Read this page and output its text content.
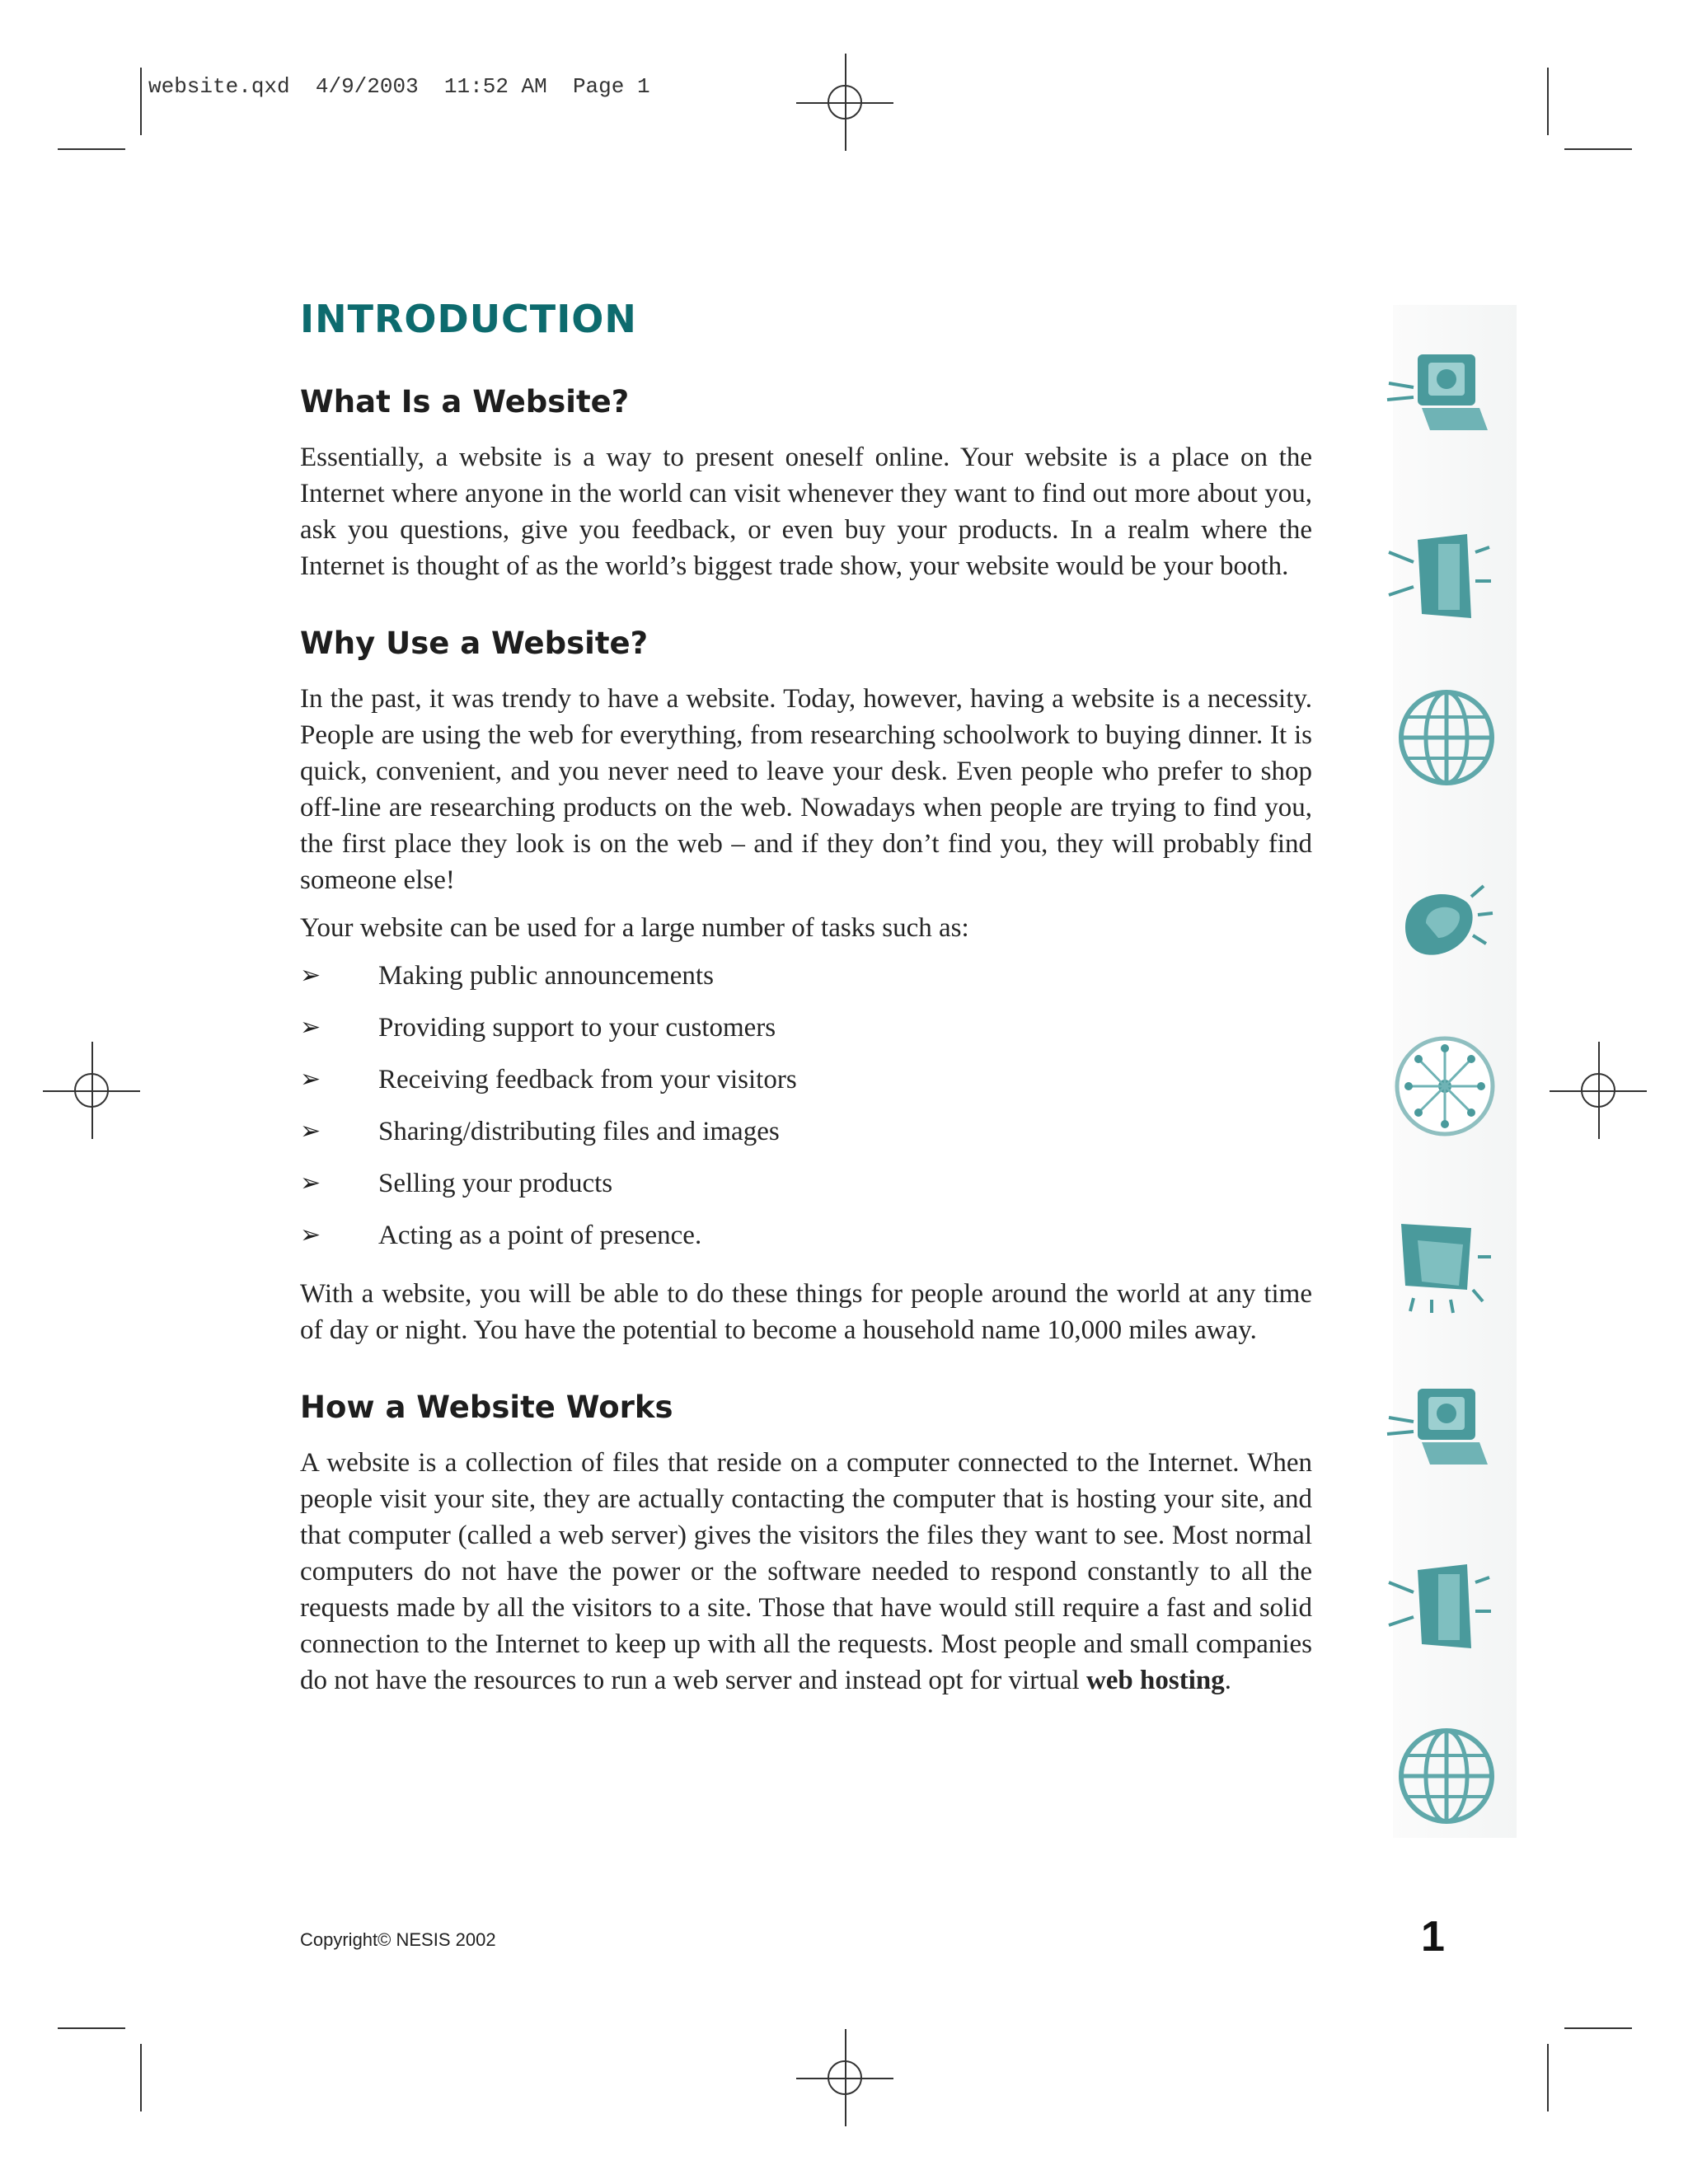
website.qxd 4/9/2003 11:52 AM Page 1
INTRODUCTION
What Is a Website?

Essentially, a website is a way to present oneself online. Your website is a place on the Internet where anyone in the world can visit whenever they want to find out more about you, ask you questions, give you feedback, or even buy your products. In a realm where the Internet is thought of as the world’s biggest trade show, your website would be your booth.

Why Use a Website?

In the past, it was trendy to have a website. Today, however, having a website is a necessity. People are using the web for everything, from researching schoolwork to buying dinner. It is quick, convenient, and you never need to leave your desk. Even people who prefer to shop off-line are researching products on the web. Nowadays when people are trying to find you, the first place they look is on the web – and if they don’t find you, they will probably find someone else!

Your website can be used for a large number of tasks such as:

➢ Making public announcements
➢ Providing support to your customers
➢ Receiving feedback from your visitors
➢ Sharing/distributing files and images
➢ Selling your products
➢ Acting as a point of presence.

With a website, you will be able to do these things for people around the world at any time of day or night. You have the potential to become a household name 10,000 miles away.

How a Website Works

A website is a collection of files that reside on a computer connected to the Internet. When people visit your site, they are actually contacting the computer that is hosting your site, and that computer (called a web server) gives the visitors the files they want to see. Most normal computers do not have the power or the software needed to respond constantly to all the requests made by all the visitors to a site. Those that have would still require a fast and solid connection to the Internet to keep up with all the requests. Most people and small companies do not have the resources to run a web server and instead opt for virtual web hosting.

Copyright© NESIS 2002	1
